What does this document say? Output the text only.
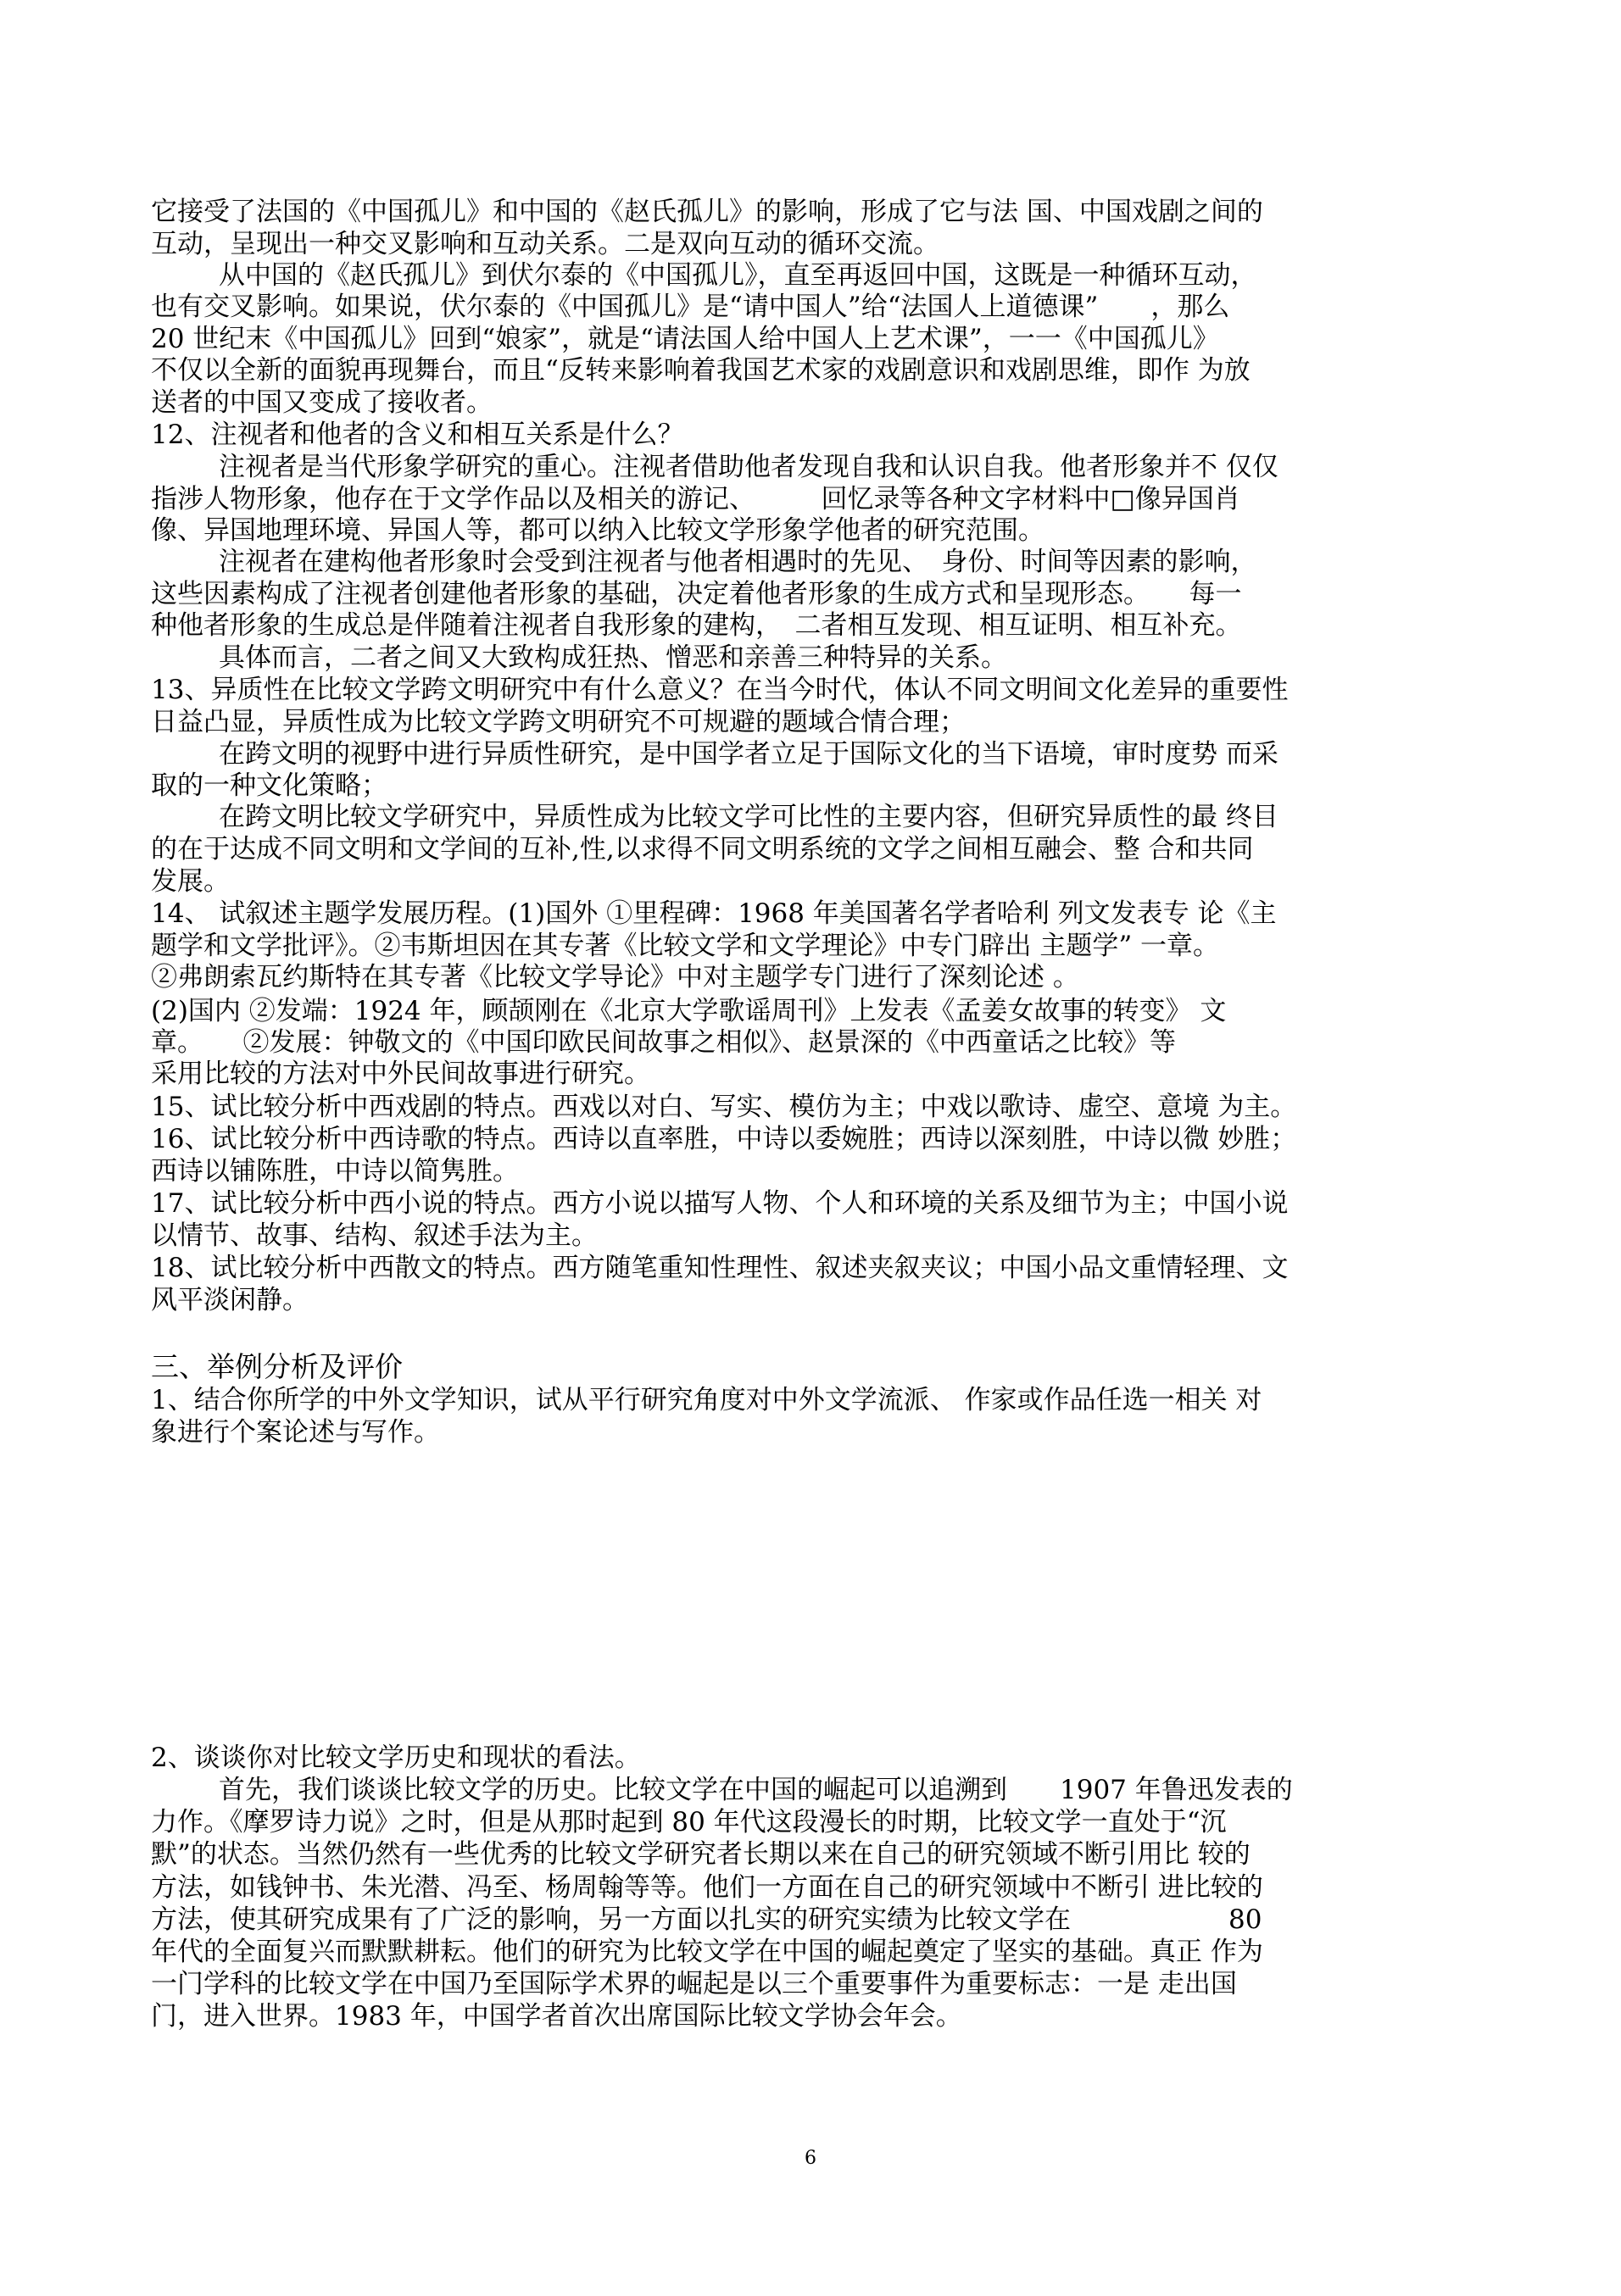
它接受了法国的《中国孤儿》和中国的《赵氏孤儿》的影响，形成了它与法 国、中国戏剧之间的
互动，呈现出一种交叉影响和互动关系。二是双向互动的循环交流。
从中国的《赵氏孤儿》到伏尔泰的《中国孤儿》，直至再返回中国，这既是一种循环互动，
也有交叉影响。如果说，伏尔泰的《中国孤儿》是“请中国人”给“法国人上道德课”　　，那么
20 世纪末《中国孤儿》回到“娘家”，就是“请法国人给中国人上艺术课”，一一《中国孤儿》
不仅以全新的面貌再现舞台，而且“反转来影响着我国艺术家的戏剧意识和戏剧思维，即作 为放
送者的中国又变成了接收者。
12、注视者和他者的含义和相互关系是什么？
注视者是当代形象学研究的重心。注视者借助他者发现自我和认识自我。他者形象并不 仅仅
指涉人物形象，他存在于文学作品以及相关的游记、　　　回忆录等各种文字材料中□像异国肖
像、异国地理环境、异国人等，都可以纳入比较文学形象学他者的研究范围。
注视者在建构他者形象时会受到注视者与他者相遇时的先见、　身份、时间等因素的影响，
这些因素构成了注视者创建他者形象的基础，决定着他者形象的生成方式和呈现形态。　　每一
种他者形象的生成总是伴随着注视者自我形象的建构，　二者相互发现、相互证明、相互补充。
具体而言，二者之间又大致构成狂热、憎恶和亲善三种特异的关系。
13、异质性在比较文学跨文明研究中有什么意义？在当今时代，体认不同文明间文化差异的重要性
日益凸显，异质性成为比较文学跨文明研究不可规避的题域合情合理；
在跨文明的视野中进行异质性研究，是中国学者立足于国际文化的当下语境，审时度势 而采
取的一种文化策略；
在跨文明比较文学研究中，异质性成为比较文学可比性的主要内容，但研究异质性的最 终目
的在于达成不同文明和文学间的互补,性,以求得不同文明系统的文学之间相互融会、整 合和共同
发展。
14、 试叙述主题学发展历程。(1)国外 ①里程碑：1968 年美国著名学者哈利 列文发表专 论《主
题学和文学批评》。②韦斯坦因在其专著《比较文学和文学理论》中专门辟出 主题学” 一章。
②弗朗索瓦约斯特在其专著《比较文学导论》中对主题学专门进行了深刻论述 。
(2)国内 ②发端：1924 年，顾颉刚在《北京大学歌谣周刊》上发表《孟姜女故事的转变》 文
章。　　②发展：钟敬文的《中国印欧民间故事之相似》、赵景深的《中西童话之比较》等
采用比较的方法对中外民间故事进行研究。
15、试比较分析中西戏剧的特点。西戏以对白、写实、模仿为主；中戏以歌诗、虚空、意境 为主。
16、试比较分析中西诗歌的特点。西诗以直率胜，中诗以委婉胜；西诗以深刻胜，中诗以微 妙胜；
西诗以铺陈胜，中诗以简隽胜。
17、试比较分析中西小说的特点。西方小说以描写人物、个人和环境的关系及细节为主；中国小说
以情节、故事、结构、叙述手法为主。
18、试比较分析中西散文的特点。西方随笔重知性理性、叙述夹叙夹议；中国小品文重情轻理、文
风平淡闲静。
三、举例分析及评价
1、结合你所学的中外文学知识，试从平行研究角度对中外文学流派、 作家或作品任选一相关 对
象进行个案论述与写作。
2、谈谈你对比较文学历史和现状的看法。
首先，我们谈谈比较文学的历史。比较文学在中国的崛起可以追溯到　　1907 年鲁迅发表的
力作。《摩罗诗力说》之时，但是从那时起到 80 年代这段漫长的时期，比较文学一直处于“沉
默”的状态。当然仍然有一些优秀的比较文学研究者长期以来在自己的研究领域不断引用比 较的
方法，如钱钟书、朱光潜、冯至、杨周翰等等。他们一方面在自己的研究领域中不断引 进比较的
方法，使其研究成果有了广泛的影响，另一方面以扎实的研究实绩为比较文学在　　　　　　80
年代的全面复兴而默默耕耘。他们的研究为比较文学在中国的崛起奠定了坚实的基础。真正 作为
一门学科的比较文学在中国乃至国际学术界的崛起是以三个重要事件为重要标志：一是 走出国
门，进入世界。1983 年，中国学者首次出席国际比较文学协会年会。
6
